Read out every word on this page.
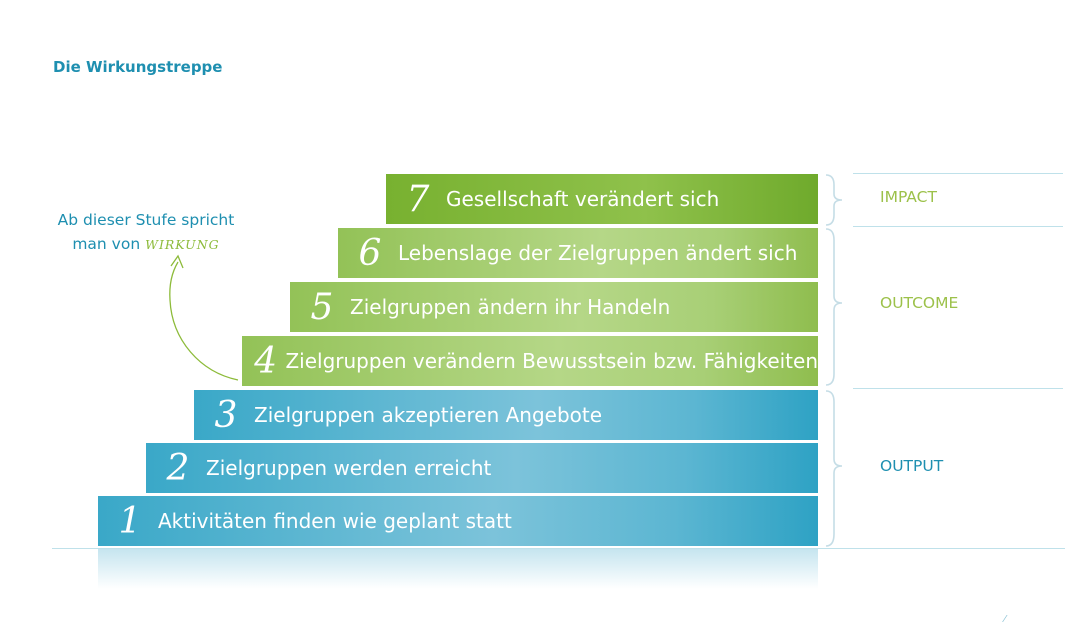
Die Wirkungstreppe
Ab dieser Stufe spricht
man von WIRKUNG
1 Aktivitäten finden wie geplant statt
2 Zielgruppen werden erreicht
3 Zielgruppen akzeptieren Angebote
4 Zielgruppen verändern Bewusstsein bzw. Fähigkeiten
5 Zielgruppen ändern ihr Handeln
6 Lebenslage der Zielgruppen ändert sich
7 Gesellschaft verändert sich	IMPACT
OUTCOME
OUTPUT
⁄
